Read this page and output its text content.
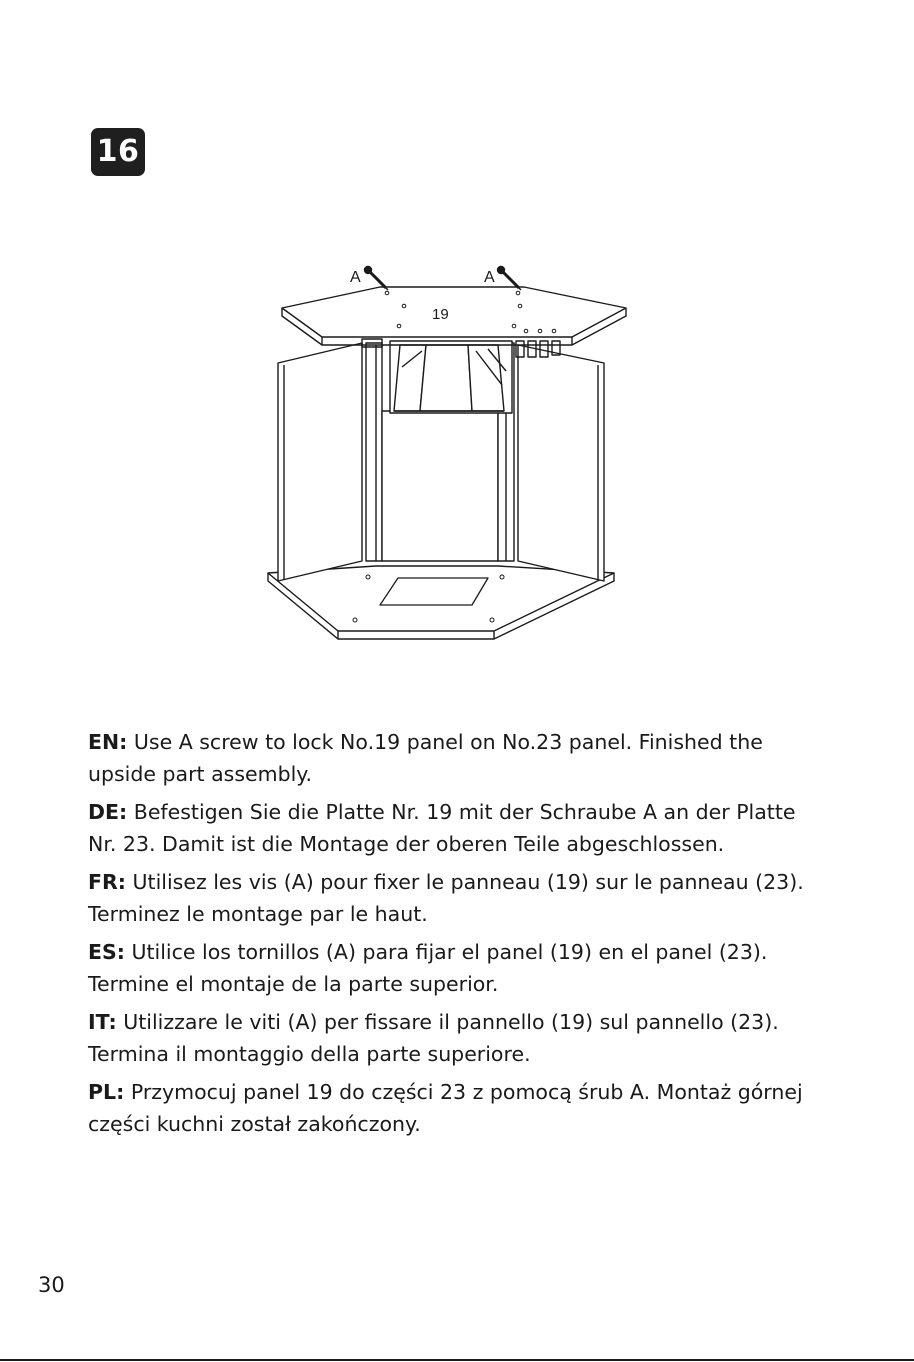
16
A	A
19

EN: Use A screw to lock No.19 panel on No.23 panel. Finished the upside part assembly.

DE: Befestigen Sie die Platte Nr. 19 mit der Schraube A an der Platte Nr. 23. Damit ist die Montage der oberen Teile abgeschlossen.

FR: Utilisez les vis (A) pour fixer le panneau (19) sur le panneau (23). Terminez le montage par le haut.

ES: Utilice los tornillos (A) para fijar el panel (19) en el panel (23). Termine el montaje de la parte superior.

IT: Utilizzare le viti (A) per fissare il pannello (19) sul pannello (23). Termina il montaggio della parte superiore.

PL: Przymocuj panel 19 do części 23 z pomocą śrub A. Montaż górnej części kuchni został zakończony.

30
